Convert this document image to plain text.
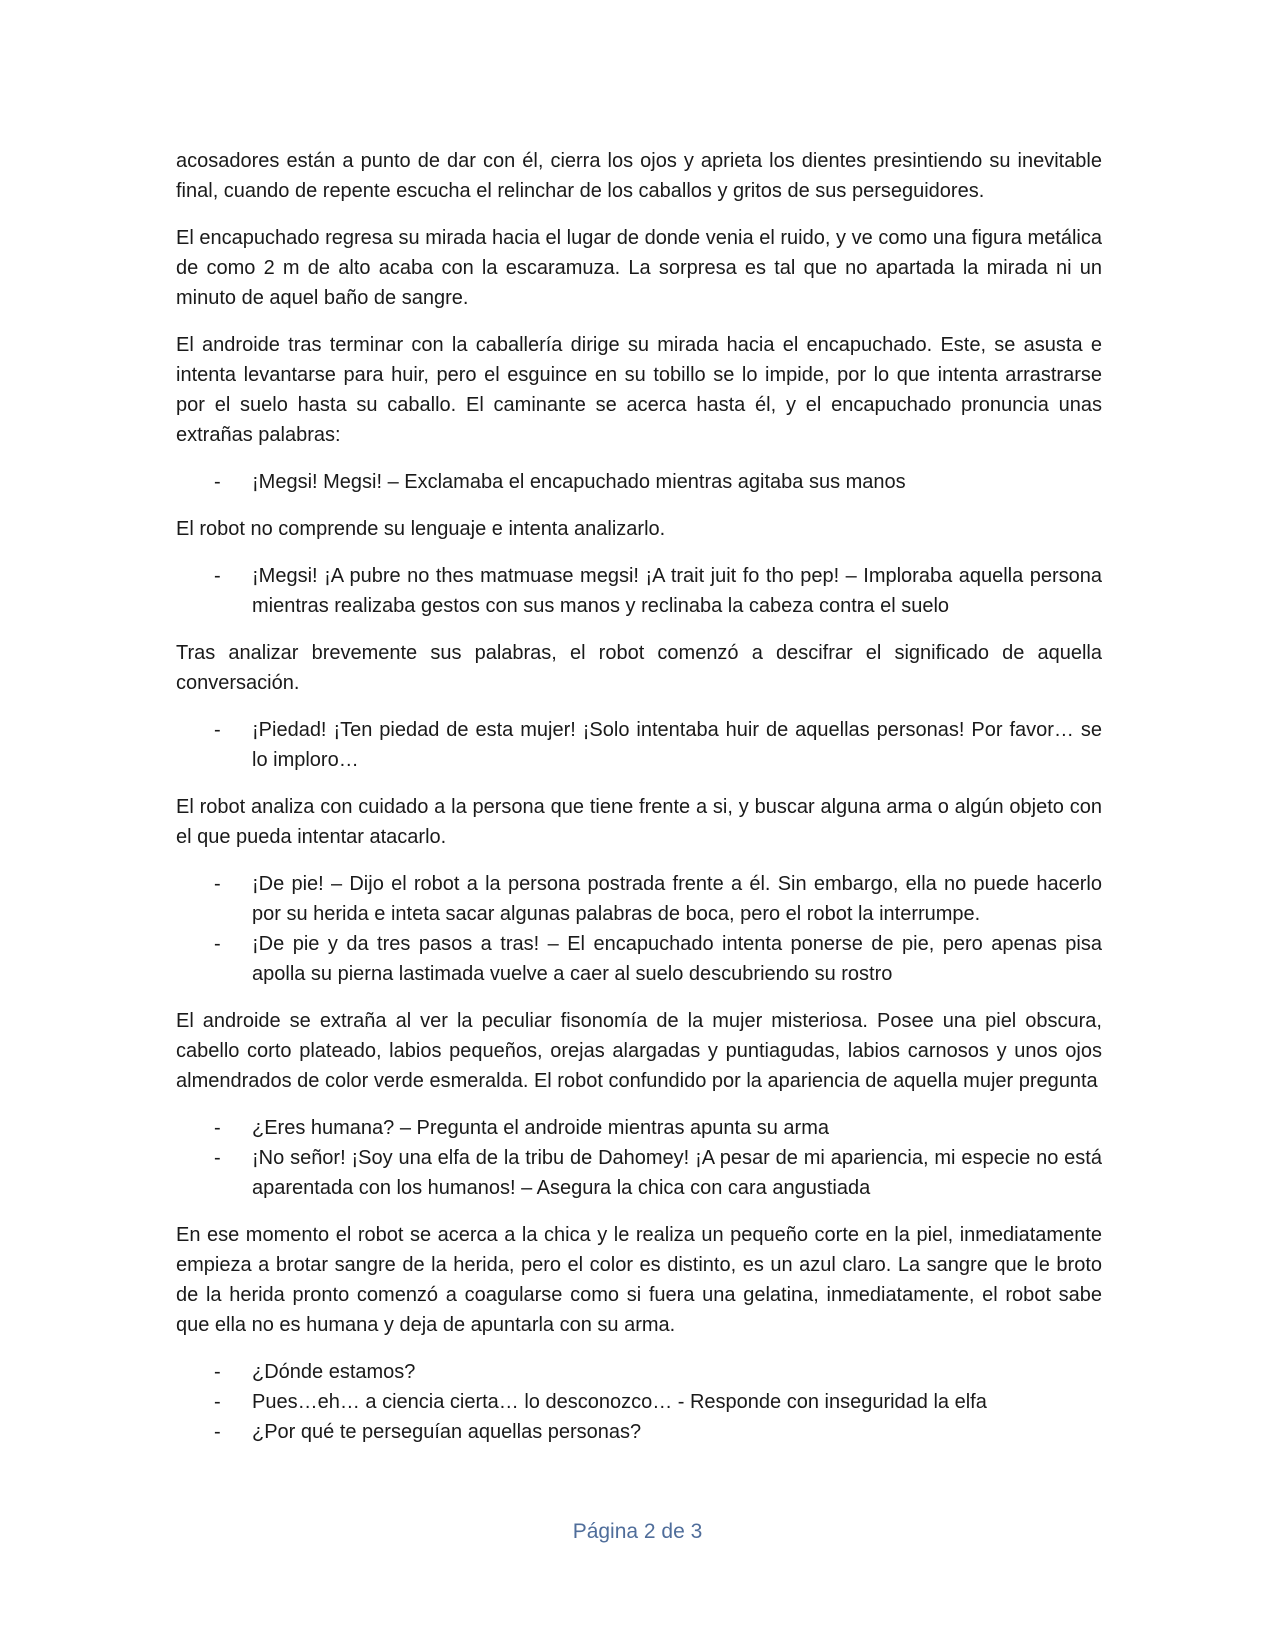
acosadores están a punto de dar con él, cierra los ojos y aprieta los dientes presintiendo su inevitable final, cuando de repente escucha el relinchar de los caballos y gritos de sus perseguidores.

El encapuchado regresa su mirada hacia el lugar de donde venia el ruido, y ve como una figura metálica de como 2 m de alto acaba con la escaramuza. La sorpresa es tal que no apartada la mirada ni un minuto de aquel baño de sangre.

El androide tras terminar con la caballería dirige su mirada hacia el encapuchado. Este, se asusta e intenta levantarse para huir, pero el esguince en su tobillo se lo impide, por lo que intenta arrastrarse por el suelo hasta su caballo. El caminante se acerca hasta él, y el encapuchado pronuncia unas extrañas palabras:

- ¡Megsi! Megsi! – Exclamaba el encapuchado mientras agitaba sus manos

El robot no comprende su lenguaje e intenta analizarlo.

- ¡Megsi! ¡A pubre no thes matmuase megsi! ¡A trait juit fo tho pep! – Imploraba aquella persona mientras realizaba gestos con sus manos y reclinaba la cabeza contra el suelo

Tras analizar brevemente sus palabras, el robot comenzó a descifrar el significado de aquella conversación.

- ¡Piedad! ¡Ten piedad de esta mujer! ¡Solo intentaba huir de aquellas personas! Por favor… se lo imploro…

El robot analiza con cuidado a la persona que tiene frente a si, y buscar alguna arma o algún objeto con el que pueda intentar atacarlo.

- ¡De pie! – Dijo el robot a la persona postrada frente a él. Sin embargo, ella no puede hacerlo por su herida e inteta sacar algunas palabras de boca, pero el robot la interrumpe.
- ¡De pie y da tres pasos a tras! – El encapuchado intenta ponerse de pie, pero apenas pisa apolla su pierna lastimada vuelve a caer al suelo descubriendo su rostro

El androide se extraña al ver la peculiar fisonomía de la mujer misteriosa. Posee una piel obscura, cabello corto plateado, labios pequeños, orejas alargadas y puntiagudas, labios carnosos y unos ojos almendrados de color verde esmeralda. El robot confundido por la apariencia de aquella mujer pregunta

- ¿Eres humana? – Pregunta el androide mientras apunta su arma
- ¡No señor! ¡Soy una elfa de la tribu de Dahomey! ¡A pesar de mi apariencia, mi especie no está aparentada con los humanos! – Asegura la chica con cara angustiada

En ese momento el robot se acerca a la chica y le realiza un pequeño corte en la piel, inmediatamente empieza a brotar sangre de la herida, pero el color es distinto, es un azul claro. La sangre que le broto de la herida pronto comenzó a coagularse como si fuera una gelatina, inmediatamente, el robot sabe que ella no es humana y deja de apuntarla con su arma.

- ¿Dónde estamos?
- Pues…eh… a ciencia cierta… lo desconozco… - Responde con inseguridad la elfa
- ¿Por qué te perseguían aquellas personas?
Página 2 de 3
